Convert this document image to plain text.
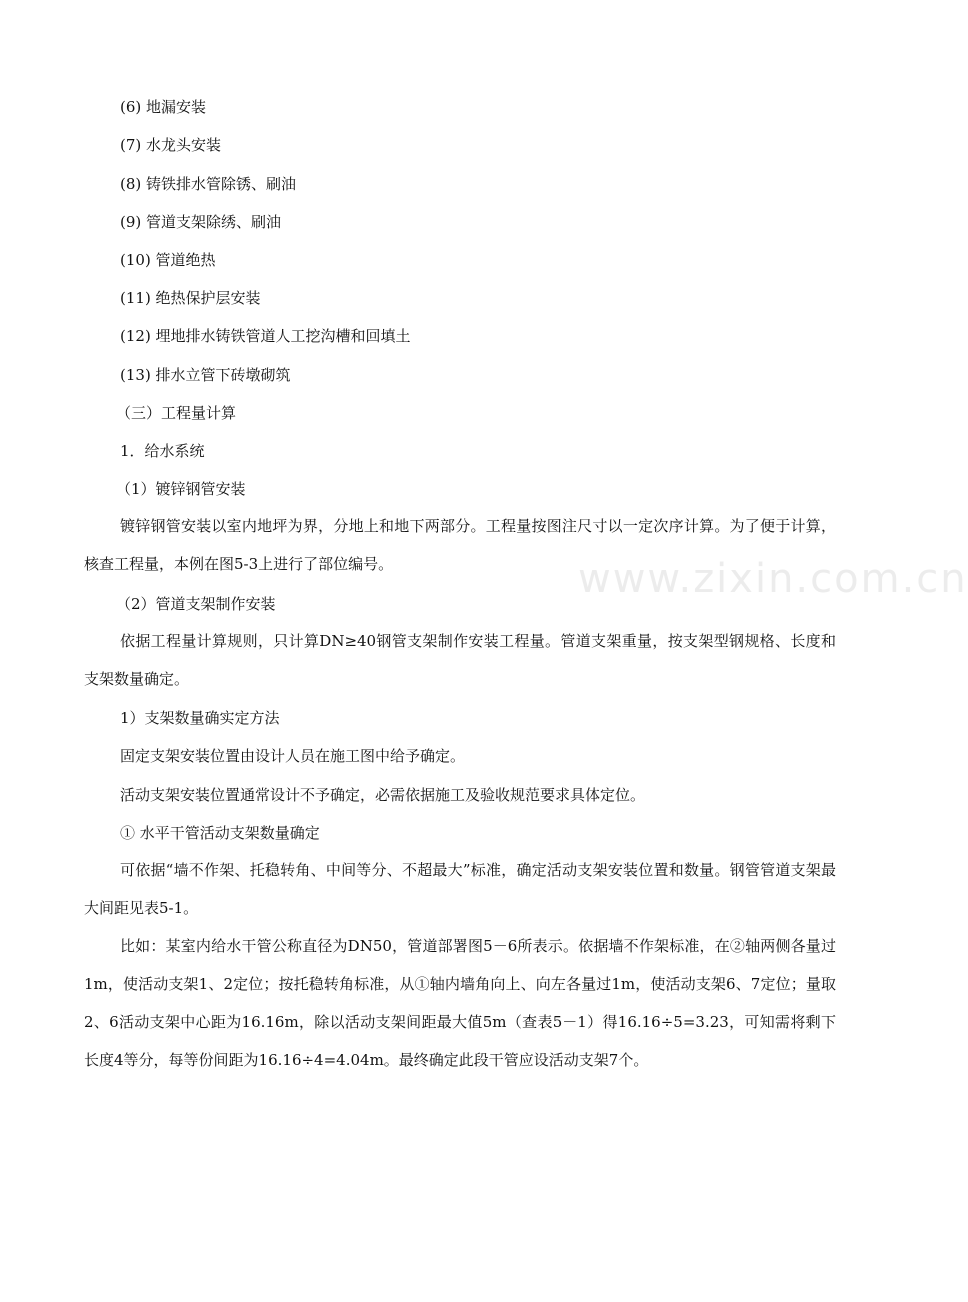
(6) 地漏安装
(7) 水龙头安装
(8) 铸铁排水管除锈、刷油
(9) 管道支架除绣、刷油
(10) 管道绝热
(11) 绝热保护层安装
(12) 埋地排水铸铁管道人工挖沟槽和回填土
(13) 排水立管下砖墩砌筑
（三）工程量计算
1．给水系统
（1）镀锌钢管安装
镀锌钢管安装以室内地坪为界，分地上和地下两部分。工程量按图注尺寸以一定次序计算。为了便于计算，核查工程量，本例在图5-3上进行了部位编号。
（2）管道支架制作安装
依据工程量计算规则，只计算DN≥40钢管支架制作安装工程量。管道支架重量，按支架型钢规格、长度和支架数量确定。
1）支架数量确实定方法
固定支架安装位置由设计人员在施工图中给予确定。
活动支架安装位置通常设计不予确定，必需依据施工及验收规范要求具体定位。
① 水平干管活动支架数量确定
可依据“墙不作架、托稳转角、中间等分、不超最大”标准，确定活动支架安装位置和数量。钢管管道支架最大间距见表5-1。
比如：某室内给水干管公称直径为DN50，管道部署图5－6所表示。依据墙不作架标准，在②轴两侧各量过1m，使活动支架1、2定位；按托稳转角标准，从①轴内墙角向上、向左各量过1m，使活动支架6、7定位；量取2、6活动支架中心距为16.16m，除以活动支架间距最大值5m（查表5－1）得16.16÷5=3.23，可知需将剩下长度4等分，每等份间距为16.16÷4=4.04m。最终确定此段干管应设活动支架7个。
www.zixin.com.cn
